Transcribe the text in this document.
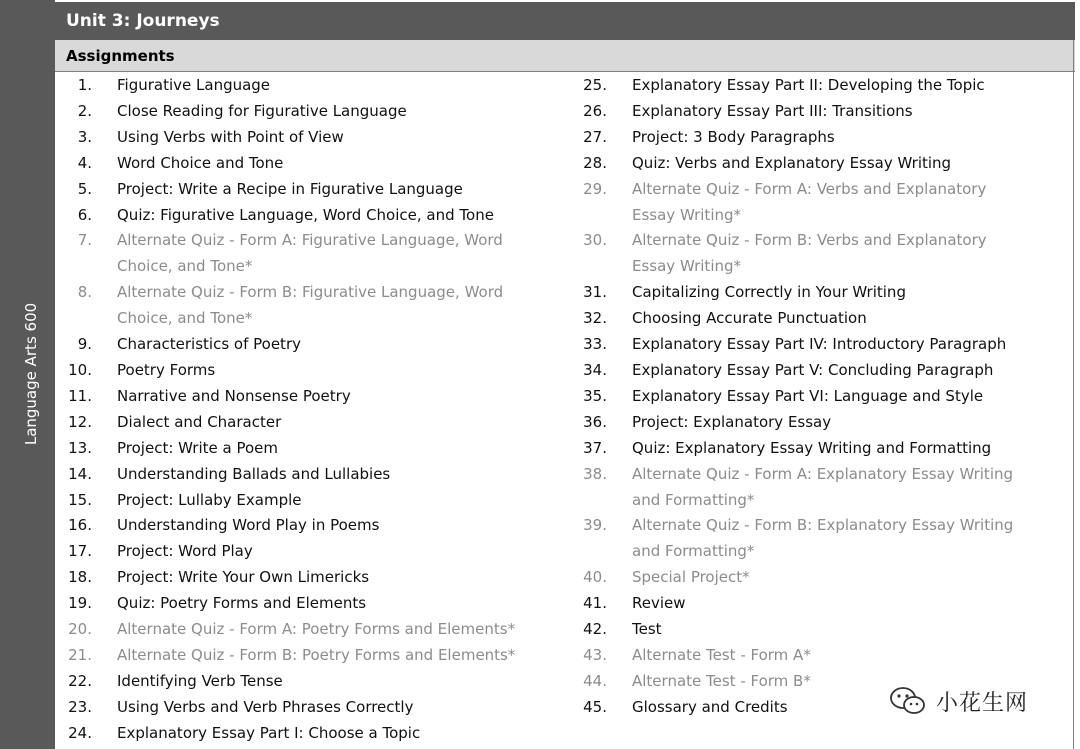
Language Arts 600
Unit 3: Journeys
Assignments
1.	Figurative Language
2.	Close Reading for Figurative Language
3.	Using Verbs with Point of View
4.	Word Choice and Tone
5.	Project: Write a Recipe in Figurative Language
6.	Quiz: Figurative Language, Word Choice, and Tone
7.	Alternate Quiz - Form A: Figurative Language, Word Choice, and Tone*
8.	Alternate Quiz - Form B: Figurative Language, Word Choice, and Tone*
9.	Characteristics of Poetry
10.	Poetry Forms
11.	Narrative and Nonsense Poetry
12.	Dialect and Character
13.	Project: Write a Poem
14.	Understanding Ballads and Lullabies
15.	Project: Lullaby Example
16.	Understanding Word Play in Poems
17.	Project: Word Play
18.	Project: Write Your Own Limericks
19.	Quiz: Poetry Forms and Elements
20.	Alternate Quiz - Form A: Poetry Forms and Elements*
21.	Alternate Quiz - Form B: Poetry Forms and Elements*
22.	Identifying Verb Tense
23.	Using Verbs and Verb Phrases Correctly
24.	Explanatory Essay Part I: Choose a Topic
25.	Explanatory Essay Part II: Developing the Topic
26.	Explanatory Essay Part III: Transitions
27.	Project: 3 Body Paragraphs
28.	Quiz: Verbs and Explanatory Essay Writing
29.	Alternate Quiz - Form A: Verbs and Explanatory Essay Writing*
30.	Alternate Quiz - Form B: Verbs and Explanatory Essay Writing*
31.	Capitalizing Correctly in Your Writing
32.	Choosing Accurate Punctuation
33.	Explanatory Essay Part IV: Introductory Paragraph
34.	Explanatory Essay Part V: Concluding Paragraph
35.	Explanatory Essay Part VI: Language and Style
36.	Project: Explanatory Essay
37.	Quiz: Explanatory Essay Writing and Formatting
38.	Alternate Quiz - Form A: Explanatory Essay Writing and Formatting*
39.	Alternate Quiz - Form B: Explanatory Essay Writing and Formatting*
40.	Special Project*
41.	Review
42.	Test
43.	Alternate Test - Form A*
44.	Alternate Test - Form B*
45.	Glossary and Credits	小花生网
